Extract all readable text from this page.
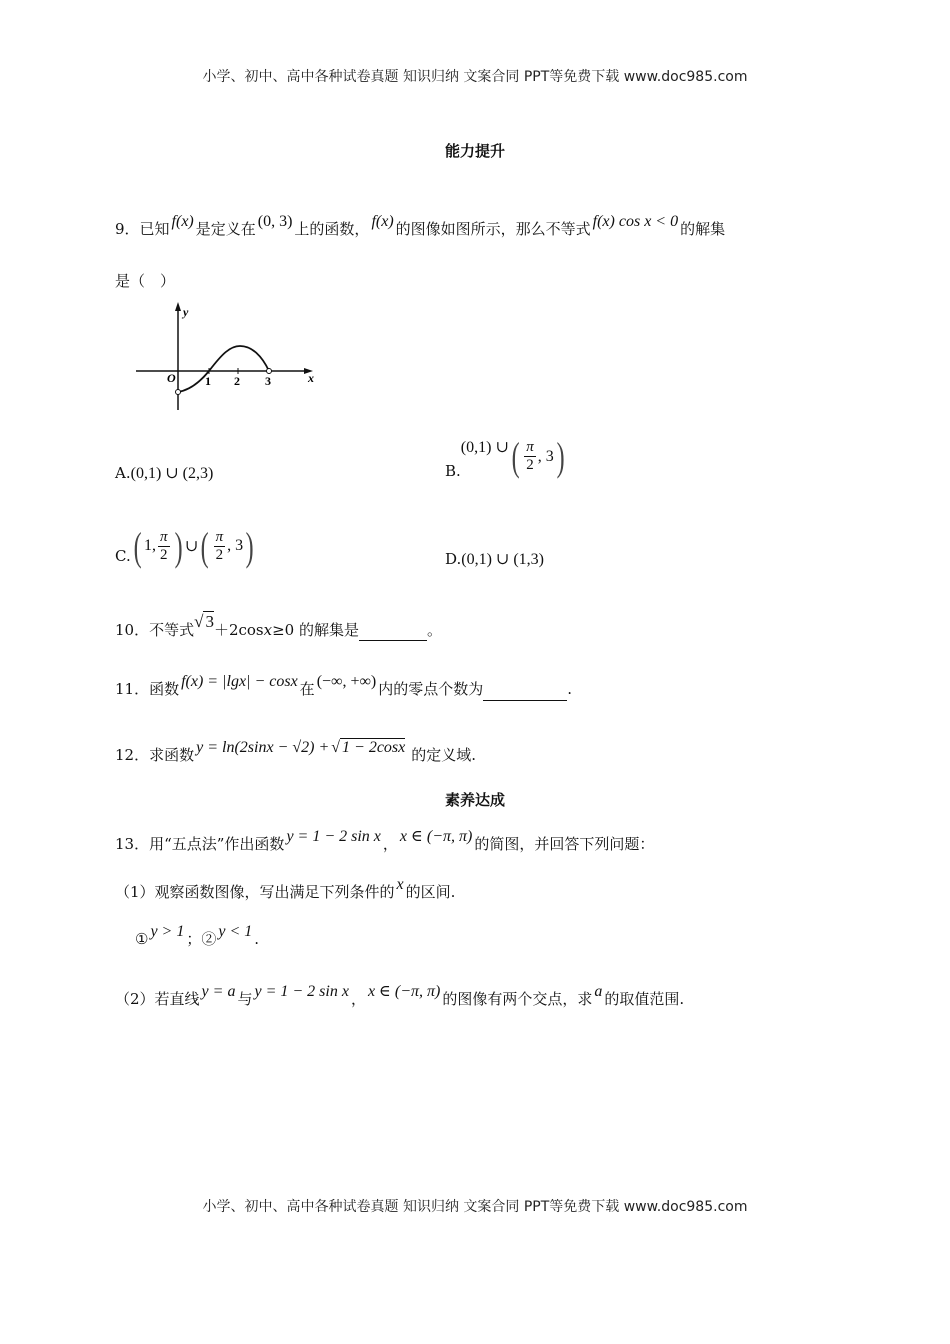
小学、初中、高中各种试卷真题 知识归纳 文案合同 PPT等免费下载 www.doc985.com
能力提升
9．已知 f(x) 是定义在 (0, 3) 上的函数， f(x) 的图像如图所示，那么不等式 f(x) cos x < 0 的解集
是（　）
y
x
O 1 2 3
A.(0,1) ∪ (2,3)	B.
(0,1) ∪ ( $\frac{\pi}{2}$ , 3 )
C. ( 1, $\frac{\pi}{2}$ ) ∪ ( $\frac{\pi}{2}$ , 3 )	D.(0,1) ∪ (1,3)
10．不等式√ 3＋2cosx≥0 的解集是	。
11．函数 f(x) = |lgx| − cosx 在 (−∞, +∞) 内的零点个数为	.
12．求函数 y = ln(2sinx − √2) + √ 1 − 2cosx 的定义域.
素养达成
13．用“五点法”作出函数 y = 1 − 2 sin x ， x ∈ (−π, π) 的简图，并回答下列问题：
（1）观察函数图像，写出满足下列条件的 x 的区间.
① y > 1 ；② y < 1 .
（2）若直线 y = a 与 y = 1 − 2 sin x ， x ∈ (−π, π) 的图像有两个交点，求 a 的取值范围.
小学、初中、高中各种试卷真题 知识归纳 文案合同 PPT等免费下载 www.doc985.com
